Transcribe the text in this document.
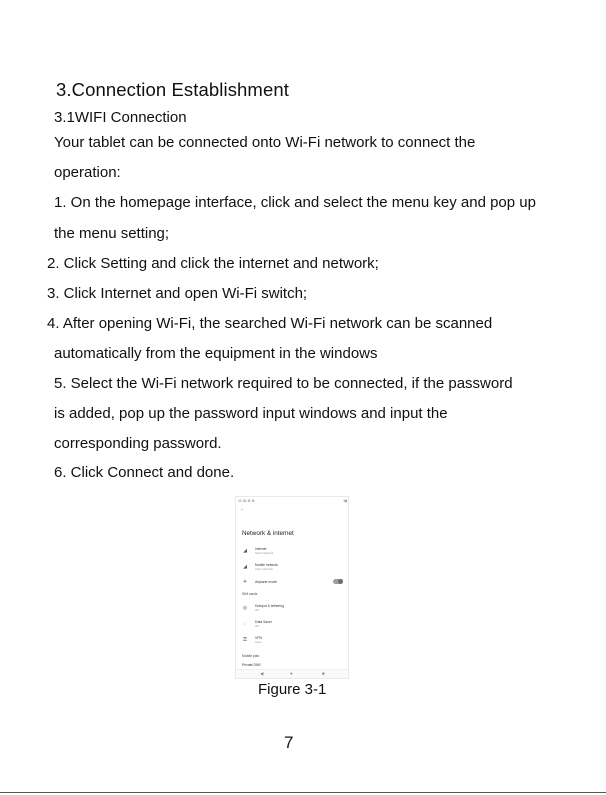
3.Connection Establishment
3.1WIFI Connection
Your tablet can be connected onto Wi-Fi network to connect the
operation:
1. On the homepage interface, click and select the menu key and pop up
the menu setting;
2. Click Setting and click the internet and network;
3. Click Internet and open Wi-Fi switch;
4. After opening Wi-Fi, the searched Wi-Fi network can be scanned
automatically from the equipment in the windows
5. Select the Wi-Fi network required to be connected, if the password
is added, pop up the password input windows and input the
corresponding password.
6. Click Connect and done.
11:36 ⚙ ⚙	▾▮
←
Network & internet
◢	Internet
Starts Network
◢	Mobile network
Carry Network
✈ Airplane mode
SIM cards
◎ Hotspot & tethering
Off
◌	Data Saver
Off
⚿	VPN
None
Mobile plan
Private DNS
◀	●	■
Figure 3-1
7
